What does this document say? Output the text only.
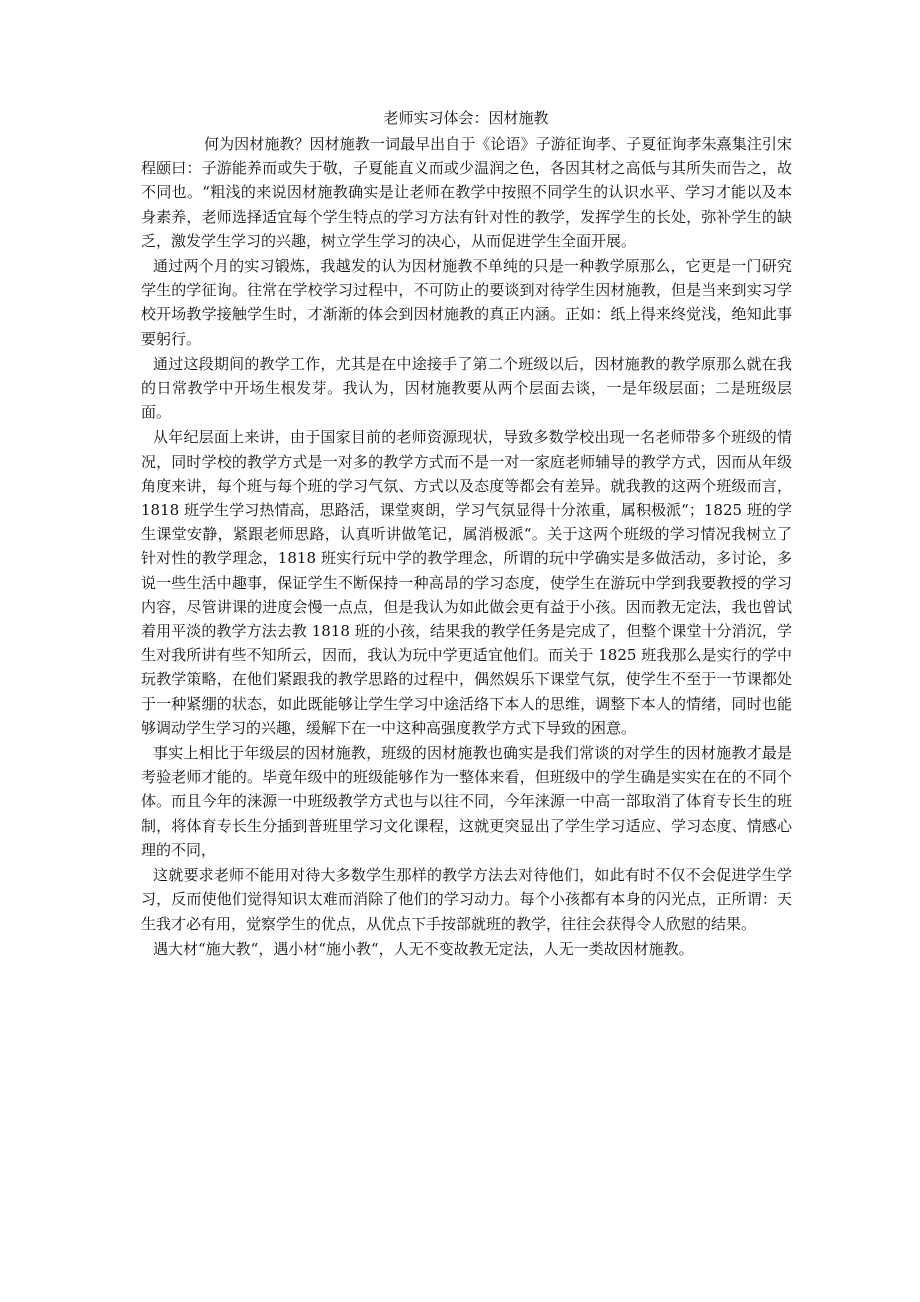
老师实习体会：因材施教

何为因材施教？因材施教一词最早出自于《论语》子游征询孝、子夏征询孝朱熹集注引宋程颐曰：子游能养而或失于敬，子夏能直义而或少温润之色，各因其材之高低与其所失而告之，故不同也。“粗浅的来说因材施教确实是让老师在教学中按照不同学生的认识水平、学习才能以及本身素养，老师选择适宜每个学生特点的学习方法有针对性的教学，发挥学生的长处，弥补学生的缺乏，激发学生学习的兴趣，树立学生学习的决心，从而促进学生全面开展。

通过两个月的实习锻炼，我越发的认为因材施教不单纯的只是一种教学原那么，它更是一门研究学生的学征询。往常在学校学习过程中，不可防止的要谈到对待学生因材施教，但是当来到实习学校开场教学接触学生时，才渐渐的体会到因材施教的真正内涵。正如：纸上得来终觉浅，绝知此事要躬行。

通过这段期间的教学工作，尤其是在中途接手了第二个班级以后，因材施教的教学原那么就在我的日常教学中开场生根发芽。我认为，因材施教要从两个层面去谈，一是年级层面；二是班级层面。

从年纪层面上来讲，由于国家目前的老师资源现状，导致多数学校出现一名老师带多个班级的情况，同时学校的教学方式是一对多的教学方式而不是一对一家庭老师辅导的教学方式，因而从年级角度来讲，每个班与每个班的学习气氛、方式以及态度等都会有差异。就我教的这两个班级而言，1818 班学生学习热情高，思路活，课堂爽朗，学习气氛显得十分浓重，属积极派“；1825 班的学生课堂安静，紧跟老师思路，认真听讲做笔记，属消极派“。关于这两个班级的学习情况我树立了针对性的教学理念，1818 班实行玩中学的教学理念，所谓的玩中学确实是多做活动，多讨论，多说一些生活中趣事，保证学生不断保持一种高昂的学习态度，使学生在游玩中学到我要教授的学习内容，尽管讲课的进度会慢一点点，但是我认为如此做会更有益于小孩。因而教无定法，我也曾试着用平淡的教学方法去教 1818 班的小孩，结果我的教学任务是完成了，但整个课堂十分消沉，学生对我所讲有些不知所云，因而，我认为玩中学更适宜他们。而关于 1825 班我那么是实行的学中玩教学策略，在他们紧跟我的教学思路的过程中，偶然娱乐下课堂气氛，使学生不至于一节课都处于一种紧绷的状态，如此既能够让学生学习中途活络下本人的思维，调整下本人的情绪，同时也能够调动学生学习的兴趣，缓解下在一中这种高强度教学方式下导致的困意。

事实上相比于年级层的因材施教，班级的因材施教也确实是我们常谈的对学生的因材施教才最是考验老师才能的。毕竟年级中的班级能够作为一整体来看，但班级中的学生确是实实在在的不同个体。而且今年的涞源一中班级教学方式也与以往不同，今年涞源一中高一部取消了体育专长生的班制，将体育专长生分插到普班里学习文化课程，这就更突显出了学生学习适应、学习态度、情感心理的不同，

这就要求老师不能用对待大多数学生那样的教学方法去对待他们，如此有时不仅不会促进学生学习，反而使他们觉得知识太难而消除了他们的学习动力。每个小孩都有本身的闪光点，正所谓：天生我才必有用，觉察学生的优点，从优点下手按部就班的教学，往往会获得令人欣慰的结果。

遇大材“施大教“，遇小材“施小教“，人无不变故教无定法，人无一类故因材施教。
